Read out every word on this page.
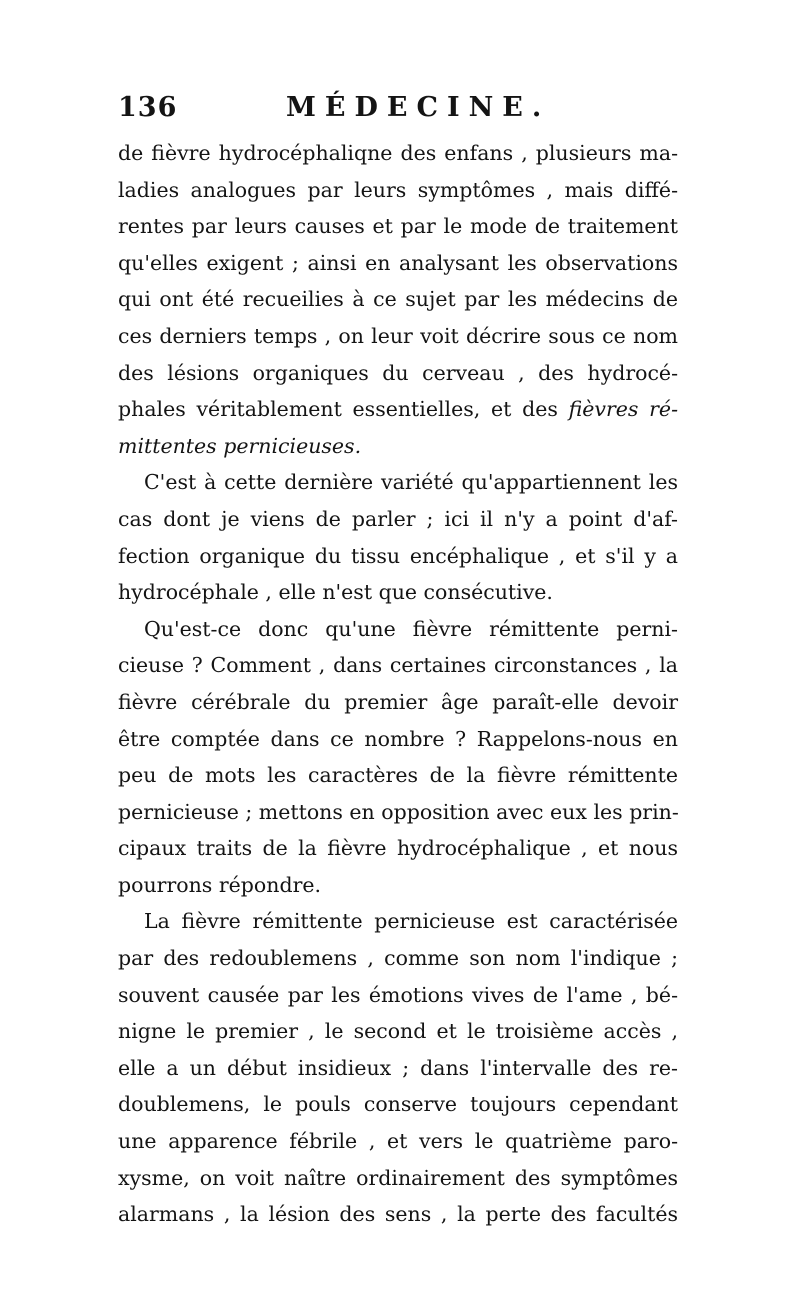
136	MÉDECINE.
de fièvre hydrocéphaliqne des enfans , plusieurs ma-
ladies analogues par leurs symptômes , mais diffé-
rentes par leurs causes et par le mode de traitement
qu'elles exigent ; ainsi en analysant les observations
qui ont été recueilies à ce sujet par les médecins de
ces derniers temps , on leur voit décrire sous ce nom
des lésions organiques du cerveau , des hydrocé-
phales véritablement essentielles, et des fièvres ré-
mittentes pernicieuses.
C'est à cette dernière variété qu'appartiennent les
cas dont je viens de parler ; ici il n'y a point d'af-
fection organique du tissu encéphalique , et s'il y a
hydrocéphale , elle n'est que consécutive.
Qu'est-ce donc qu'une fièvre rémittente perni-
cieuse ? Comment , dans certaines circonstances , la
fièvre cérébrale du premier âge paraît-elle devoir
être comptée dans ce nombre ? Rappelons-nous en
peu de mots les caractères de la fièvre rémittente
pernicieuse ; mettons en opposition avec eux les prin-
cipaux traits de la fièvre hydrocéphalique , et nous
pourrons répondre.
La fièvre rémittente pernicieuse est caractérisée
par des redoublemens , comme son nom l'indique ;
souvent causée par les émotions vives de l'ame , bé-
nigne le premier , le second et le troisième accès ,
elle a un début insidieux ; dans l'intervalle des re-
doublemens, le pouls conserve toujours cependant
une apparence fébrile , et vers le quatrième paro-
xysme, on voit naître ordinairement des symptômes
alarmans , la lésion des sens , la perte des facultés
